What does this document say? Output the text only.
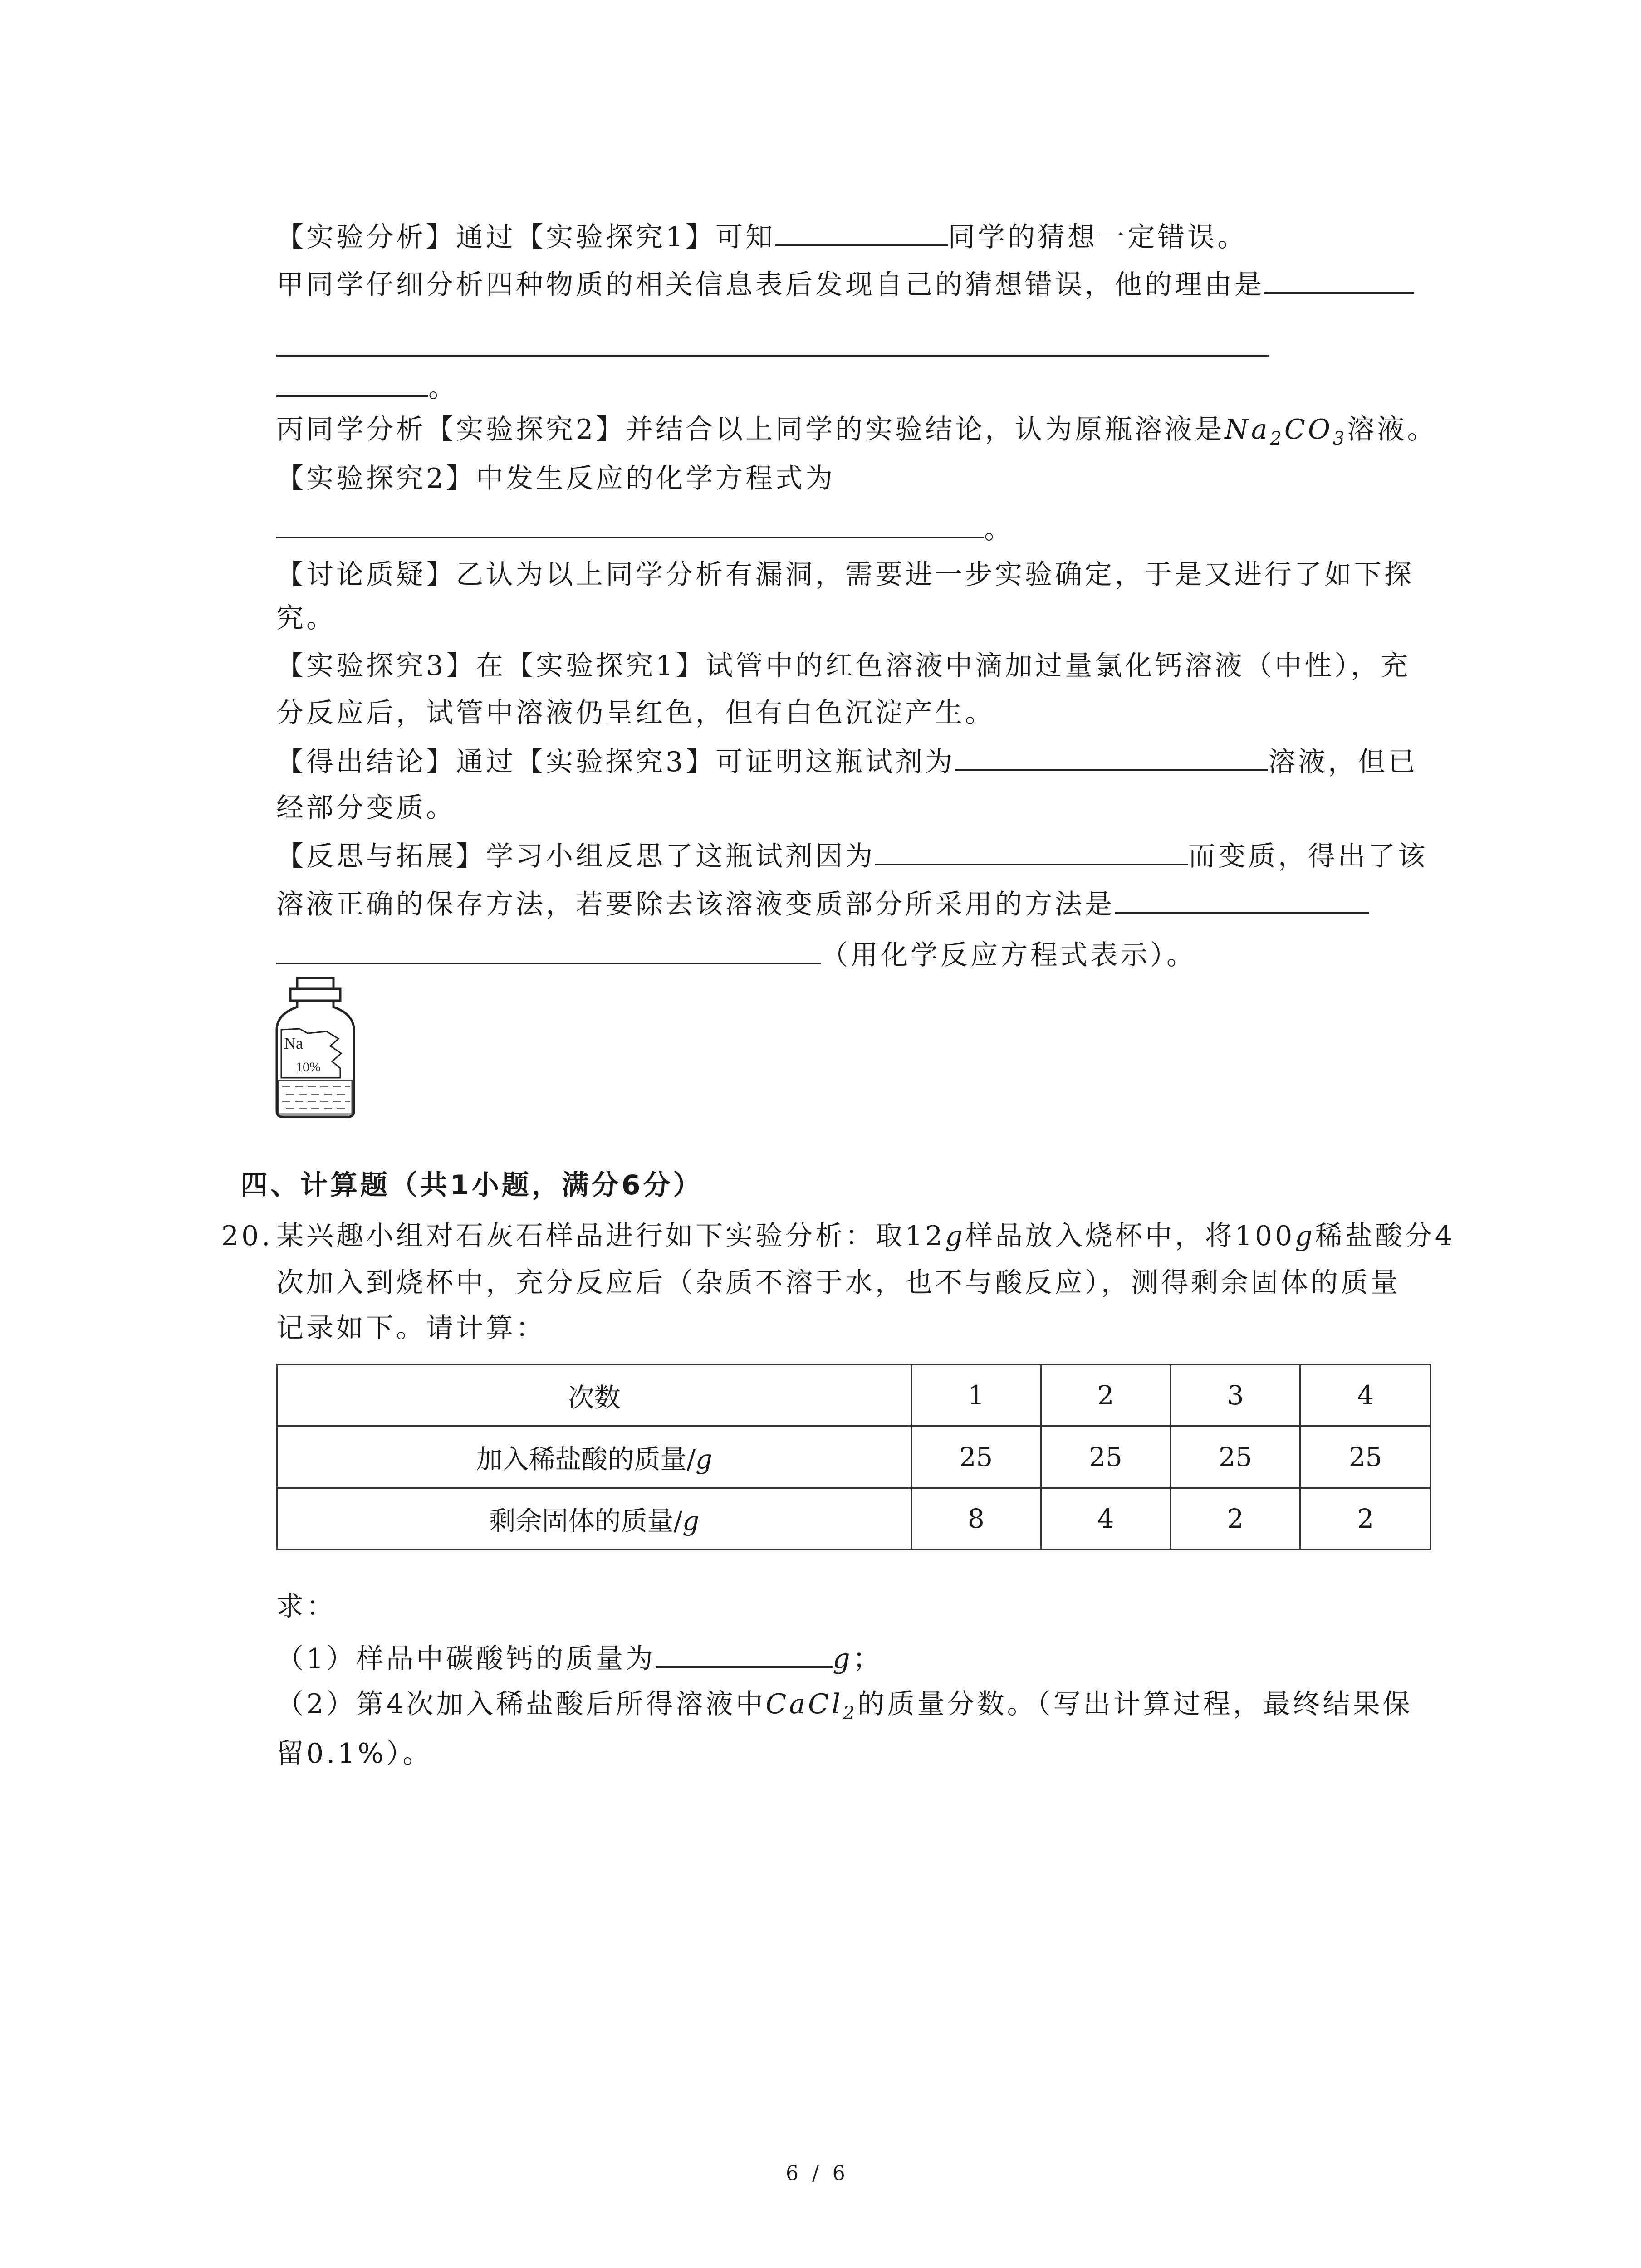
【实验分析】通过【实验探究1】可知	同学的猜想一定错误。
甲同学仔细分析四种物质的相关信息表后发现自己的猜想错误，他的理由是
。
丙同学分析【实验探究2】并结合以上同学的实验结论，认为原瓶溶液是$Na_2CO_3$溶液。
【实验探究2】中发生反应的化学方程式为
。
【讨论质疑】乙认为以上同学分析有漏洞，需要进一步实验确定，于是又进行了如下探
究。
【实验探究3】在【实验探究1】试管中的红色溶液中滴加过量氯化钙溶液（中性），充
分反应后，试管中溶液仍呈红色，但有白色沉淀产生。
【得出结论】通过【实验探究3】可证明这瓶试剂为	溶液，但已
经部分变质。
【反思与拓展】学习小组反思了这瓶试剂因为	而变质，得出了该
溶液正确的保存方法，若要除去该溶液变质部分所采用的方法是
（用化学反应方程式表示）。
Na
10%
四、计算题（共1小题，满分6分）
20. 某兴趣小组对石灰石样品进行如下实验分析：取12g样品放入烧杯中，将100g稀盐酸分4
次加入到烧杯中，充分反应后（杂质不溶于水，也不与酸反应），测得剩余固体的质量
记录如下。请计算：
次数	1	2	3	4
加入稀盐酸的质量/g	25	25	25	25
剩余固体的质量/g	8	4	2	2
求：
（1）样品中碳酸钙的质量为	g；
（2）第4次加入稀盐酸后所得溶液中CaCl$_2$的质量分数。（写出计算过程，最终结果保
留0.1%）。
6 / 6
